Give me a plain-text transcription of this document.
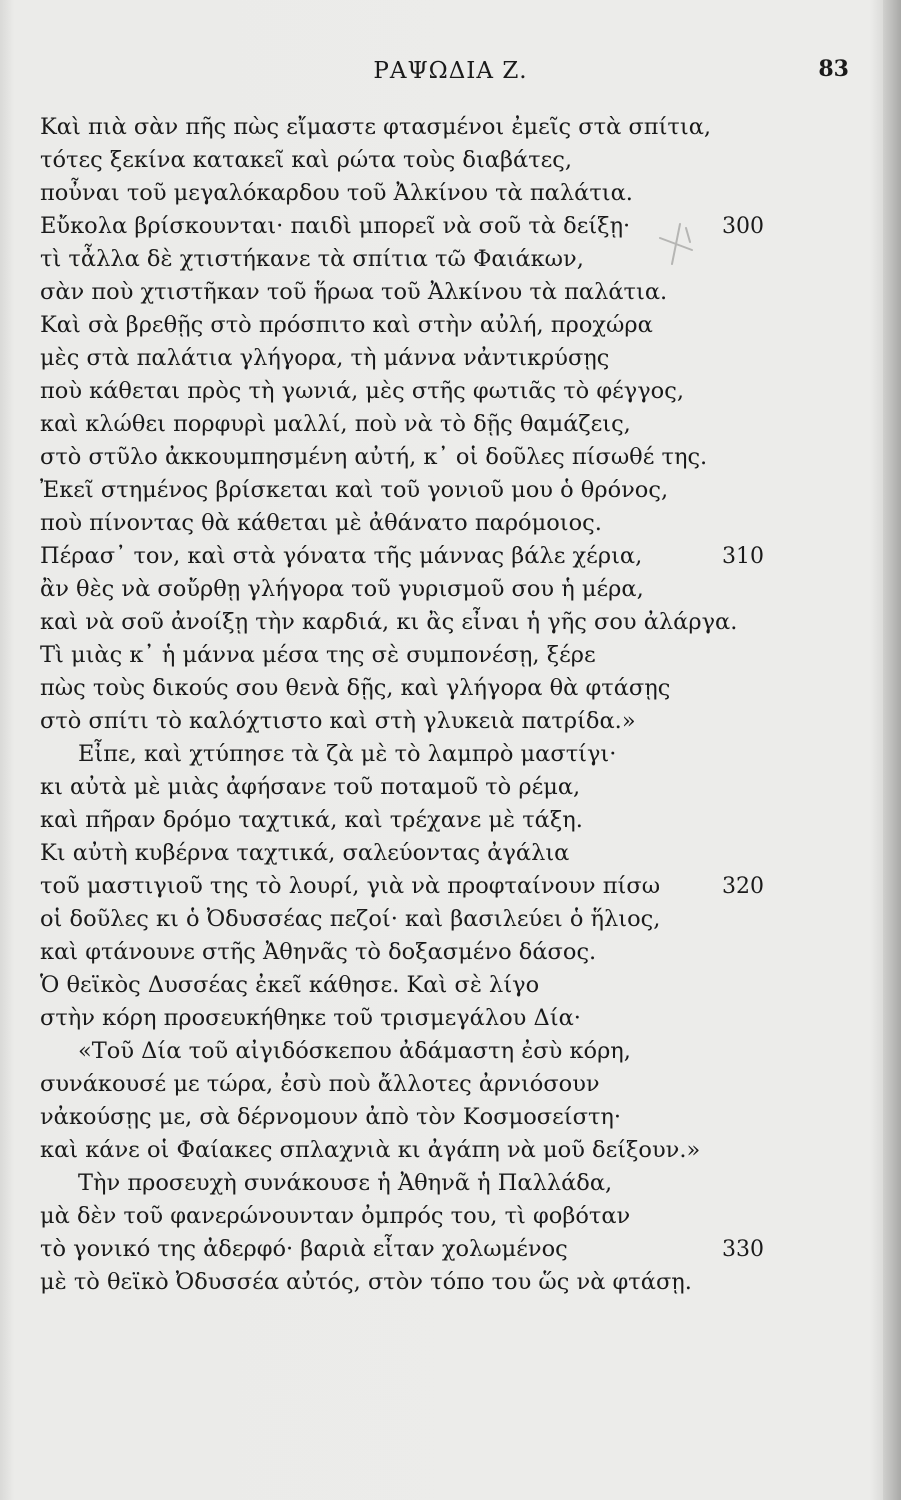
ΡΑΨΩΔΙΑ Ζ.	83
Καὶ πιὰ σὰν πῆς πὼς εἴμαστε φτασμένοι ἐμεῖς στὰ σπίτια,
τότες ξεκίνα κατακεῖ καὶ ρώτα τοὺς διαβάτες,
ποὖναι τοῦ μεγαλόκαρδου τοῦ Ἀλκίνου τὰ παλάτια.
Εὔκολα βρίσκουνται· παιδὶ μπορεῖ νὰ σοῦ τὰ δείξῃ·	300
τὶ τἆλλα δὲ χτιστήκανε τὰ σπίτια τῶ Φαιάκων,
σὰν ποὺ χτιστῆκαν τοῦ ἥρωα τοῦ Ἀλκίνου τὰ παλάτια.
Καὶ σὰ βρεθῇς στὸ πρόσπιτο καὶ στὴν αὐλή, προχώρα
μὲς στὰ παλάτια γλήγορα, τὴ μάννα νἀντικρύσῃς
ποὺ κάθεται πρὸς τὴ γωνιά, μὲς στῆς φωτιᾶς τὸ φέγγος,
καὶ κλώθει πορφυρὶ μαλλί, ποὺ νὰ τὸ δῇς θαμάζεις,
στὸ στῦλο ἀκκουμπησμένη αὐτή, κ᾽ οἱ δοῦλες πίσωθέ της.
Ἐκεῖ στημένος βρίσκεται καὶ τοῦ γονιοῦ μου ὁ θρόνος,
ποὺ πίνοντας θὰ κάθεται μὲ ἀθάνατο παρόμοιος.
Πέρασ᾽ τον, καὶ στὰ γόνατα τῆς μάννας βάλε χέρια,	310
ἂν θὲς νὰ σοὔρθῃ γλήγορα τοῦ γυρισμοῦ σου ἡ μέρα,
καὶ νὰ σοῦ ἀνοίξῃ τὴν καρδιά, κι ἂς εἶναι ἡ γῆς σου ἀλάργα.
Τὶ μιὰς κ᾽ ἡ μάννα μέσα της σὲ συμπονέσῃ, ξέρε
πὼς τοὺς δικούς σου θενὰ δῇς, καὶ γλήγορα θὰ φτάσῃς
στὸ σπίτι τὸ καλόχτιστο καὶ στὴ γλυκειὰ πατρίδα.»
Εἶπε, καὶ χτύπησε τὰ ζὰ μὲ τὸ λαμπρὸ μαστίγι·
κι αὐτὰ μὲ μιὰς ἀφήσανε τοῦ ποταμοῦ τὸ ρέμα,
καὶ πῆραν δρόμο ταχτικά, καὶ τρέχανε μὲ τάξη.
Κι αὐτὴ κυβέρνα ταχτικά, σαλεύοντας ἀγάλια
τοῦ μαστιγιοῦ της τὸ λουρί, γιὰ νὰ προφταίνουν πίσω	320
οἱ δοῦλες κι ὁ Ὀδυσσέας πεζοί· καὶ βασιλεύει ὁ ἥλιος,
καὶ φτάνουνε στῆς Ἀθηνᾶς τὸ δοξασμένο δάσος.
Ὁ θεϊκὸς Δυσσέας ἐκεῖ κάθησε. Καὶ σὲ λίγο
στὴν κόρη προσευκήθηκε τοῦ τρισμεγάλου Δία·
«Τοῦ Δία τοῦ αἰγιδόσκεπου ἀδάμαστη ἐσὺ κόρη,
συνάκουσέ με τώρα, ἐσὺ ποὺ ἄλλοτες ἀρνιόσουν
νἀκούσῃς με, σὰ δέρνομουν ἀπὸ τὸν Κοσμοσείστη·
καὶ κάνε οἱ Φαίακες σπλαχνιὰ κι ἀγάπη νὰ μοῦ δείξουν.»
Τὴν προσευχὴ συνάκουσε ἡ Ἀθηνᾶ ἡ Παλλάδα,
μὰ δὲν τοῦ φανερώνουνταν ὀμπρός του, τὶ φοβόταν
τὸ γονικό της ἀδερφό· βαριὰ εἶταν χολωμένος	330
μὲ τὸ θεϊκὸ Ὀδυσσέα αὐτός, στὸν τόπο του ὥς νὰ φτάσῃ.
